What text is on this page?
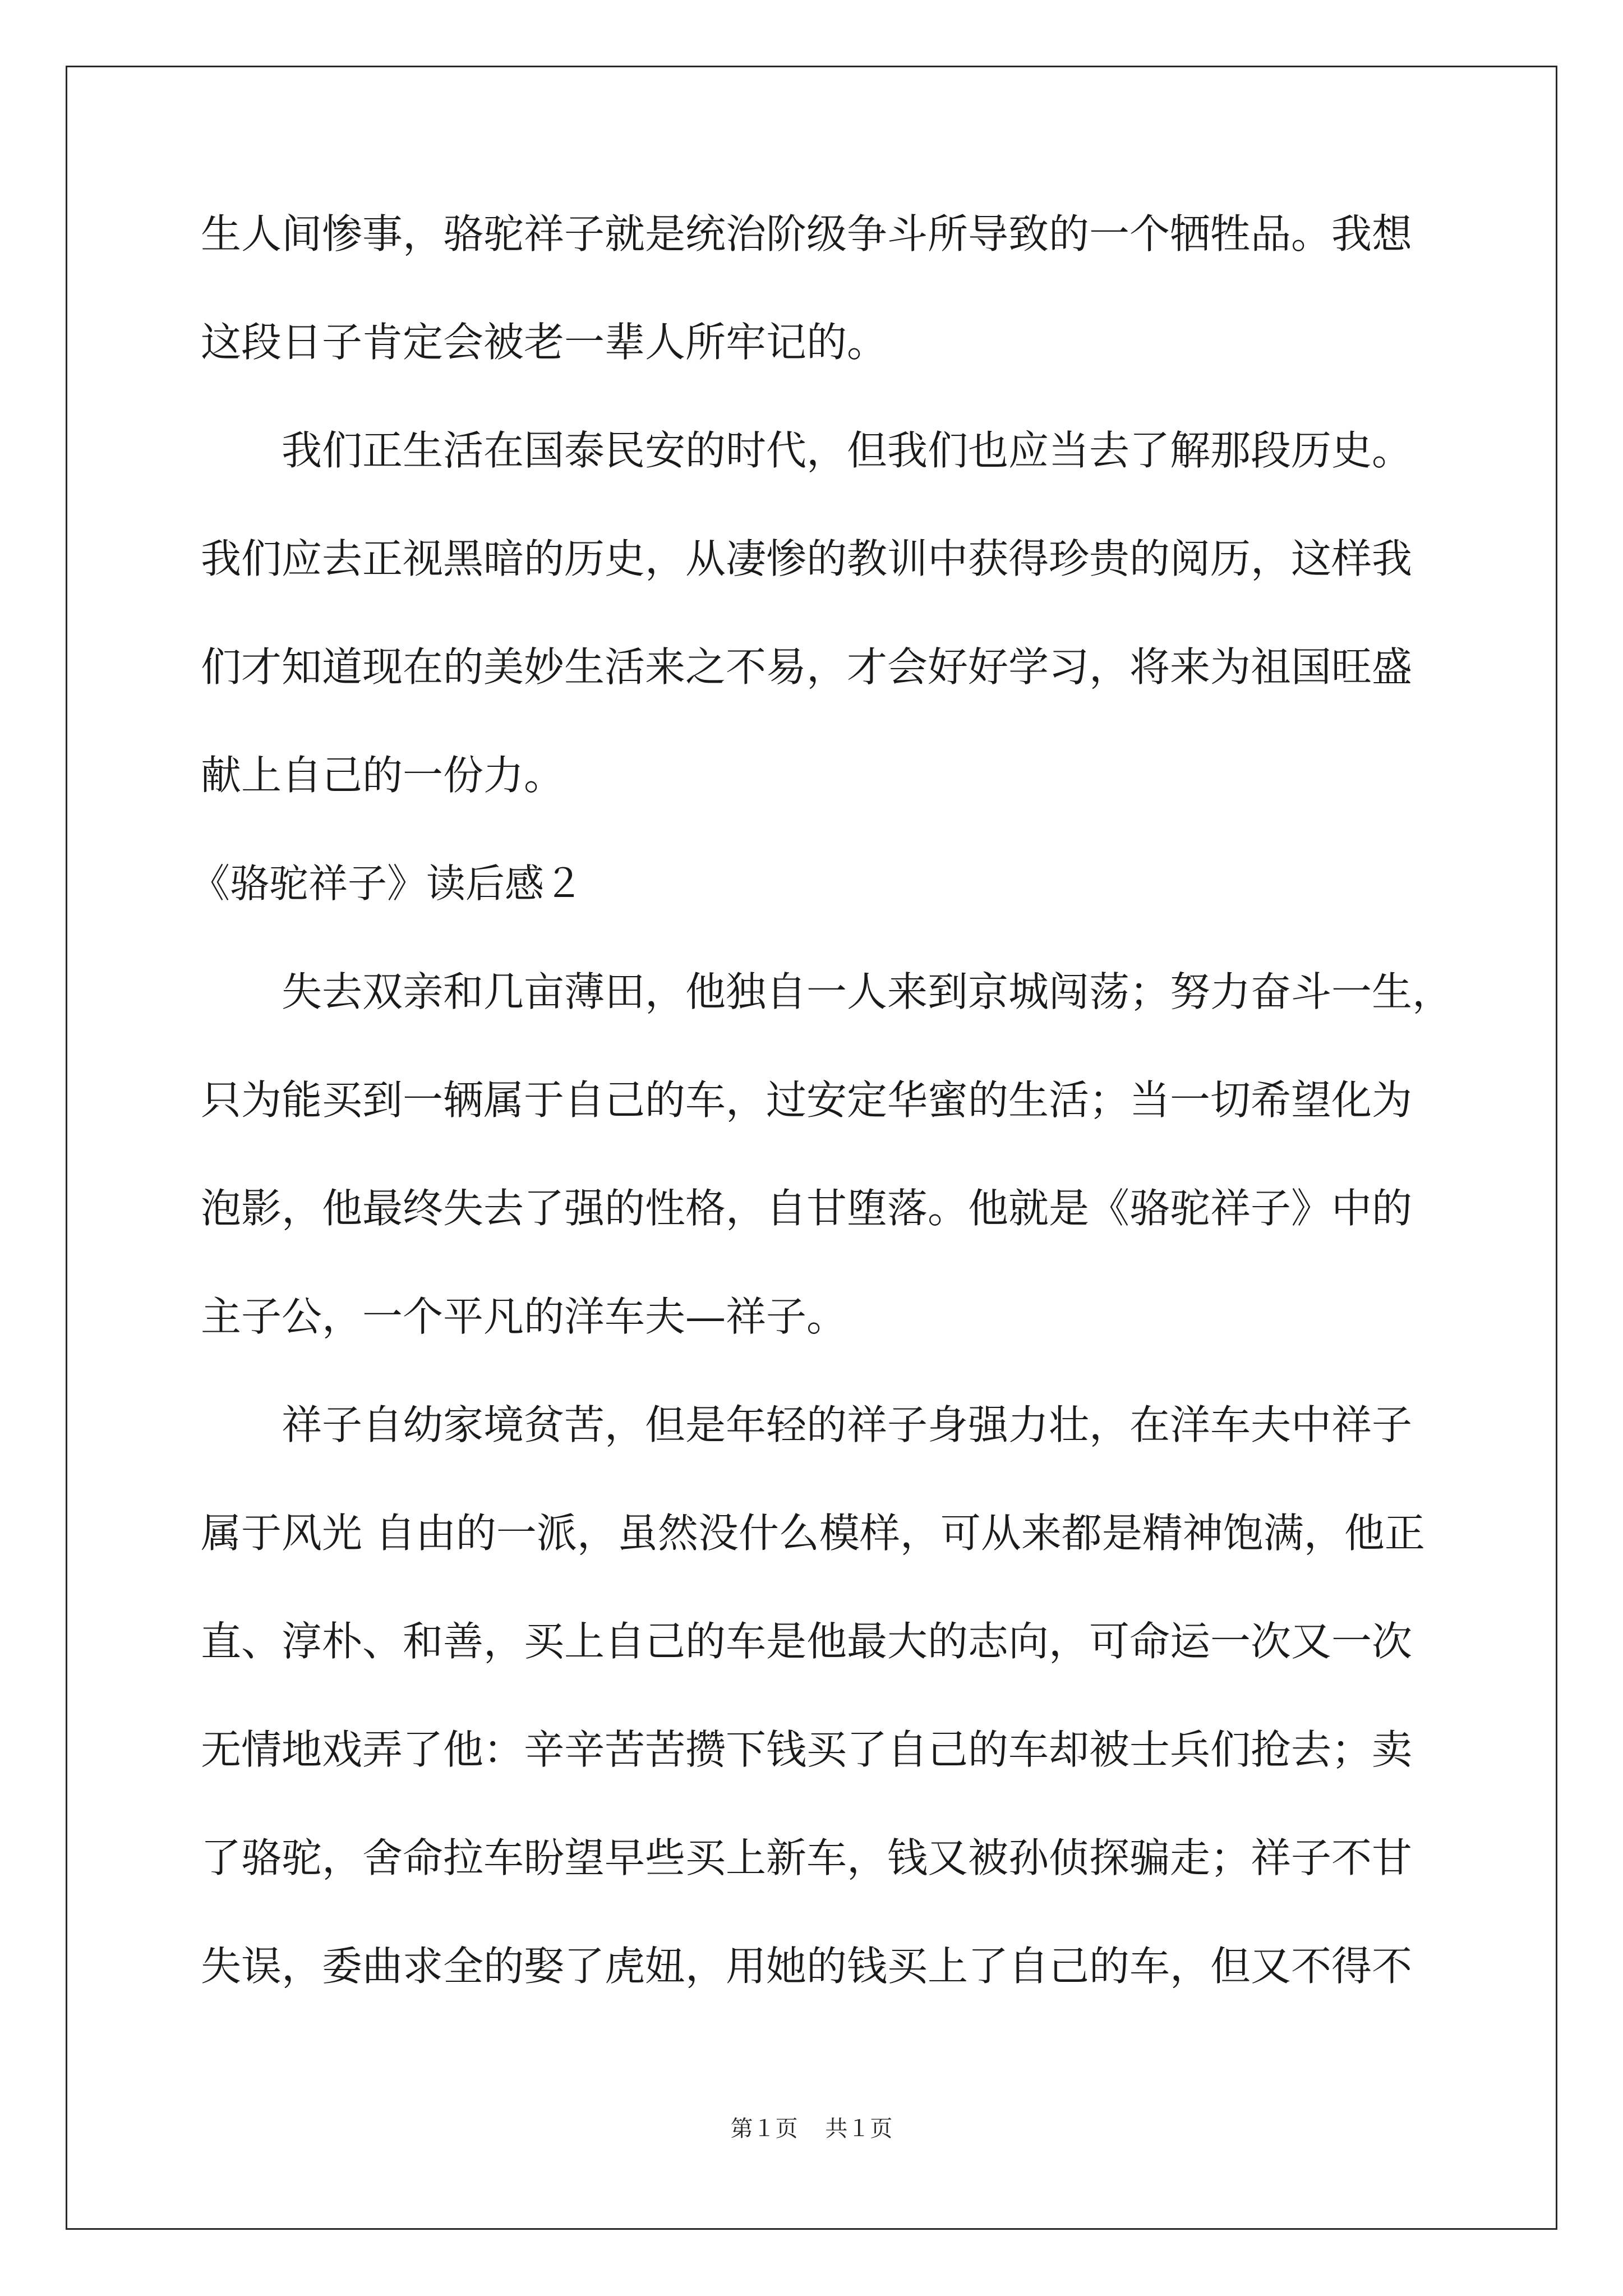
生人间惨事，骆驼祥子就是统治阶级争斗所导致的一个牺牲品。我想
这段日子肯定会被老一辈人所牢记的。
我们正生活在国泰民安的时代，但我们也应当去了解那段历史。
我们应去正视黑暗的历史，从凄惨的教训中获得珍贵的阅历，这样我
们才知道现在的美妙生活来之不易，才会好好学习，将来为祖国旺盛
献上自己的一份力。
《骆驼祥子》读后感２
失去双亲和几亩薄田，他独自一人来到京城闯荡；努力奋斗一生，
只为能买到一辆属于自己的车，过安定华蜜的生活；当一切希望化为
泡影，他最终失去了强的性格，自甘堕落。他就是《骆驼祥子》中的
主子公，一个平凡的洋车夫—祥子。
祥子自幼家境贫苦，但是年轻的祥子身强力壮，在洋车夫中祥子
属于风光 自由的一派，虽然没什么模样，可从来都是精神饱满，他正
直、淳朴、和善，买上自己的车是他最大的志向，可命运一次又一次
无情地戏弄了他：辛辛苦苦攒下钱买了自己的车却被士兵们抢去；卖
了骆驼，舍命拉车盼望早些买上新车，钱又被孙侦探骗走；祥子不甘
失误，委曲求全的娶了虎妞，用她的钱买上了自己的车，但又不得不
第１页 共１页
